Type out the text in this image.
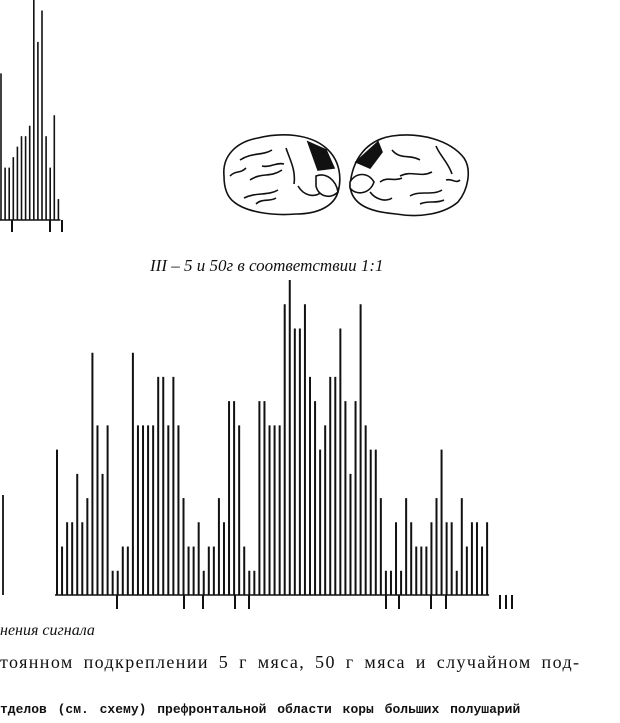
III – 5 и 50г в соответствии 1:1
нения сигнала
тоянном подкреплении 5 г мяса, 50 г мяса и случайном под-
тделов (см. схему) префронтальной области коры больших полушарий
